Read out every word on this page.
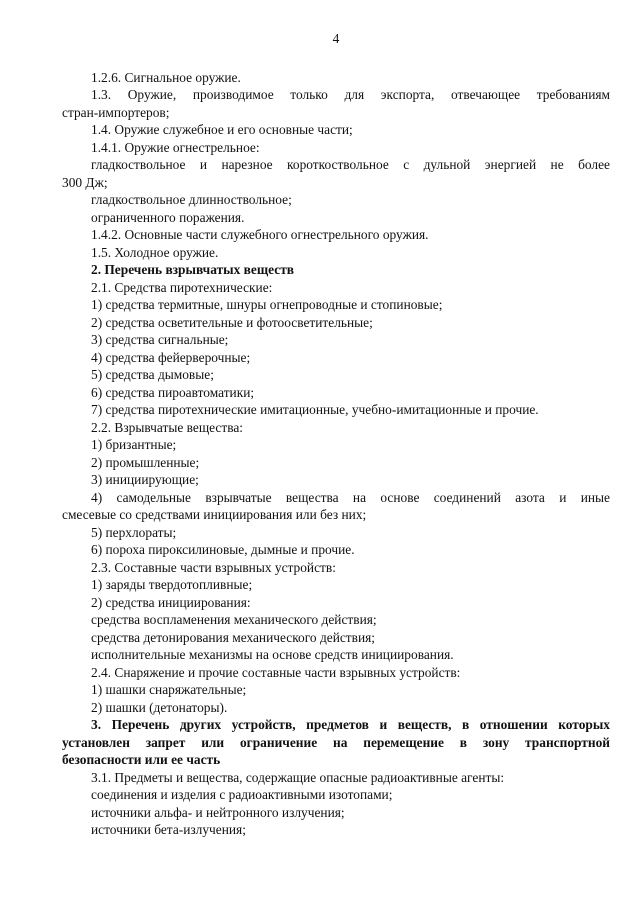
4
1.2.6. Сигнальное оружие.
1.3. Оружие, производимое только для экспорта, отвечающее требованиям
стран-импортеров;
1.4. Оружие служебное и его основные части;
1.4.1. Оружие огнестрельное:
гладкоствольное и нарезное короткоствольное с дульной энергией не более
300 Дж;
гладкоствольное длинноствольное;
ограниченного поражения.
1.4.2. Основные части служебного огнестрельного оружия.
1.5. Холодное оружие.
2. Перечень взрывчатых веществ
2.1. Средства пиротехнические:
1) средства термитные, шнуры огнепроводные и стопиновые;
2) средства осветительные и фотоосветительные;
3) средства сигнальные;
4) средства фейерверочные;
5) средства дымовые;
6) средства пироавтоматики;
7) средства пиротехнические имитационные, учебно-имитационные и прочие.
2.2. Взрывчатые вещества:
1) бризантные;
2) промышленные;
3) инициирующие;
4) самодельные взрывчатые вещества на основе соединений азота и иные
смесевые со средствами инициирования или без них;
5) перхлораты;
6) пороха пироксилиновые, дымные и прочие.
2.3. Составные части взрывных устройств:
1) заряды твердотопливные;
2) средства инициирования:
средства воспламенения механического действия;
средства детонирования механического действия;
исполнительные механизмы на основе средств инициирования.
2.4. Снаряжение и прочие составные части взрывных устройств:
1) шашки снаряжательные;
2) шашки (детонаторы).
3. Перечень других устройств, предметов и веществ, в отношении которых
установлен запрет или ограничение на перемещение в зону транспортной
безопасности или ее часть
3.1. Предметы и вещества, содержащие опасные радиоактивные агенты:
соединения и изделия с радиоактивными изотопами;
источники альфа- и нейтронного излучения;
источники бета-излучения;
